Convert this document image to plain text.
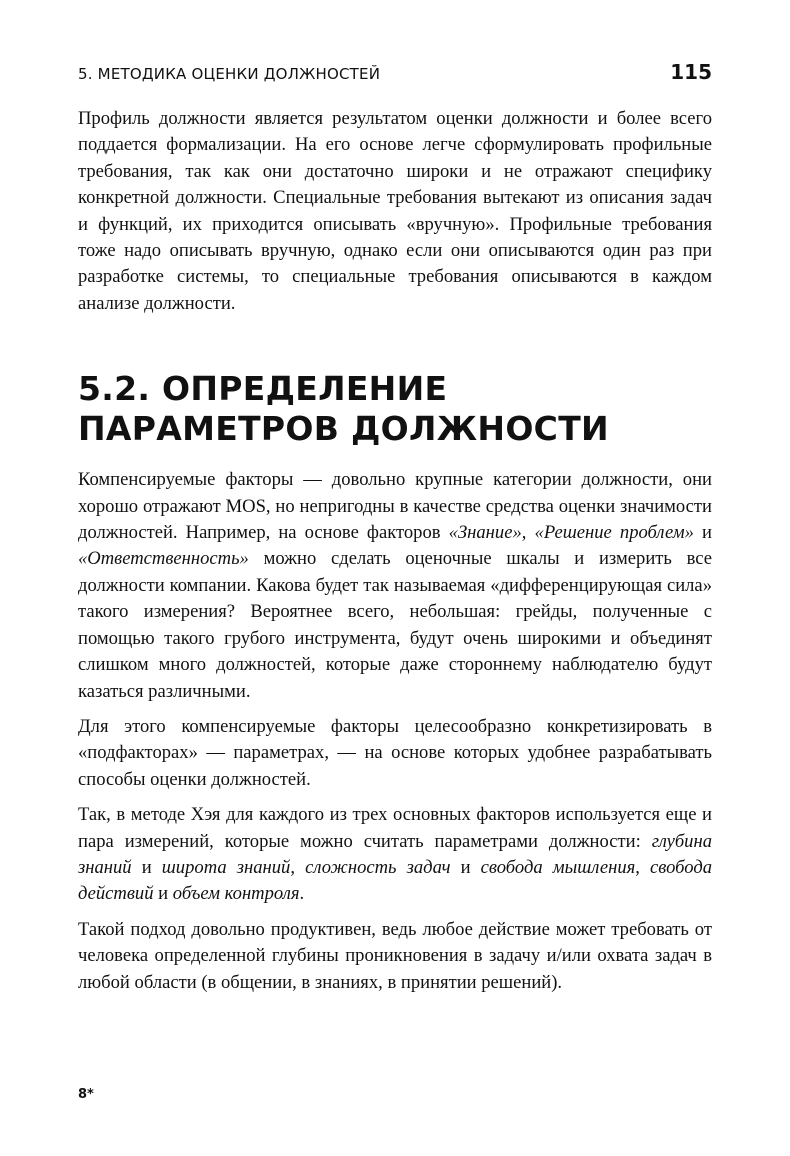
5. МЕТОДИКА ОЦЕНКИ ДОЛЖНОСТЕЙ	115

Профиль должности является результатом оценки должности и более всего поддается формализации. На его основе легче сформулировать профильные требования, так как они достаточно широки и не отражают специфику конкретной должности. Специальные требования вытекают из описания задач и функций, их приходится описывать «вручную». Профильные требования тоже надо описывать вручную, однако если они описываются один раз при разработке системы, то специальные требования описываются в каждом анализе должности.

5.2. ОПРЕДЕЛЕНИЕ ПАРАМЕТРОВ ДОЛЖНОСТИ

Компенсируемые факторы — довольно крупные категории должности, они хорошо отражают MOS, но непригодны в качестве средства оценки значимости должностей. Например, на основе факторов «Знание», «Решение проблем» и «Ответственность» можно сделать оценочные шкалы и измерить все должности компании. Какова будет так называемая «дифференцирующая сила» такого измерения? Вероятнее всего, небольшая: грейды, полученные с помощью такого грубого инструмента, будут очень широкими и объединят слишком много должностей, которые даже стороннему наблюдателю будут казаться различными.

Для этого компенсируемые факторы целесообразно конкретизировать в «подфакторах» — параметрах, — на основе которых удобнее разрабатывать способы оценки должностей.

Так, в методе Хэя для каждого из трех основных факторов используется еще и пара измерений, которые можно считать параметрами должности: глубина знаний и широта знаний, сложность задач и свобода мышления, свобода действий и объем контроля.

Такой подход довольно продуктивен, ведь любое действие может требовать от человека определенной глубины проникновения в задачу и/или охвата задач в любой области (в общении, в знаниях, в принятии решений).

8*
